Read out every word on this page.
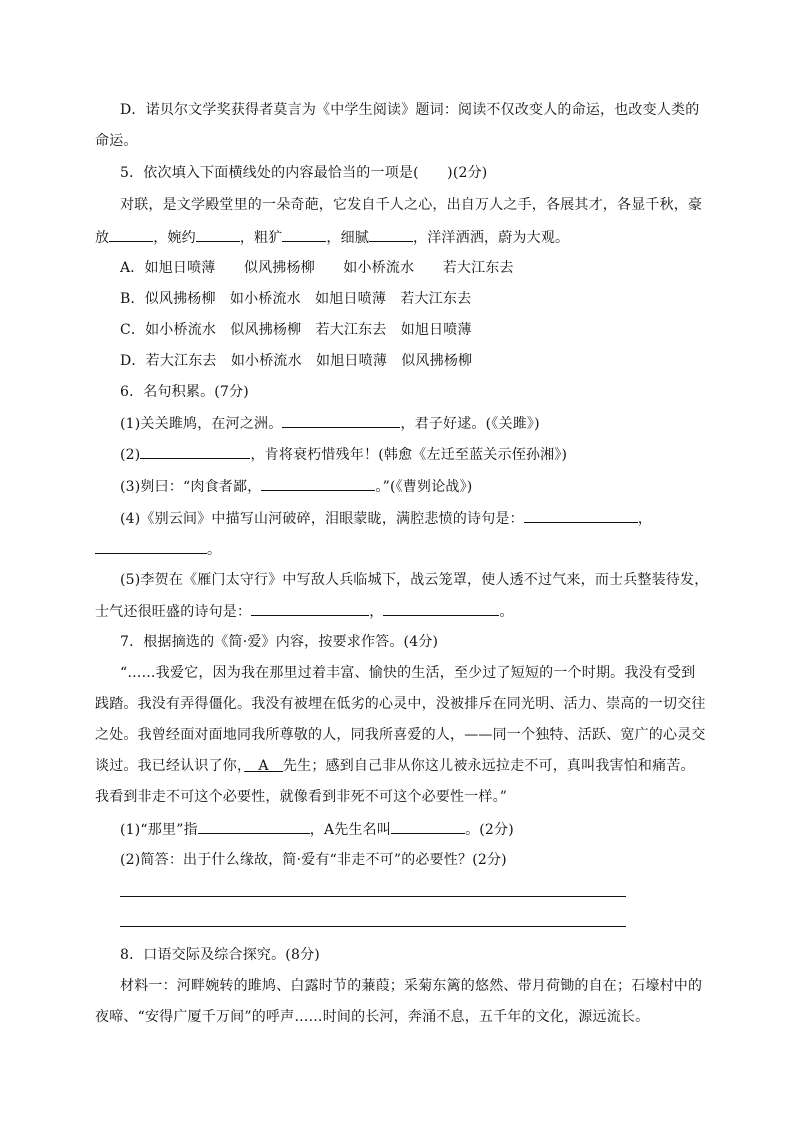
D．诺贝尔文学奖获得者莫言为《中学生阅读》题词：阅读不仅改变人的命运，也改变人类的
命运。
5．依次填入下面横线处的内容最恰当的一项是(　　)(2分)
对联，是文学殿堂里的一朵奇葩，它发自千人之心，出自万人之手，各展其才，各显千秋，豪
放	，婉约	，粗犷	，细腻	，洋洋洒洒，蔚为大观。
A．如旭日喷薄　　似风拂杨柳　　如小桥流水　　若大江东去
B．似风拂杨柳　如小桥流水　如旭日喷薄　若大江东去
C．如小桥流水　似风拂杨柳　若大江东去　如旭日喷薄
D．若大江东去　如小桥流水　如旭日喷薄　似风拂杨柳
6．名句积累。(7分)
(1)关关雎鸠，在河之洲。	，君子好逑。(《关雎》)
(2)	，肯将衰朽惜残年！(韩愈《左迁至蓝关示侄孙湘》)
(3)刿曰：“肉食者鄙，	。”(《曹刿论战》)
(4)《别云间》中描写山河破碎，泪眼蒙眬，满腔悲愤的诗句是：	，
。
(5)李贺在《雁门太守行》中写敌人兵临城下，战云笼罩，使人透不过气来，而士兵整装待发，
士气还很旺盛的诗句是：	，	。
7．根据摘选的《简·爱》内容，按要求作答。(4分)
“……我爱它，因为我在那里过着丰富、愉快的生活，至少过了短短的一个时期。我没有受到
践踏。我没有弄得僵化。我没有被埋在低劣的心灵中，没被排斥在同光明、活力、崇高的一切交往
之处。我曾经面对面地同我所尊敬的人，同我所喜爱的人，——同一个独特、活跃、宽广的心灵交
谈过。我已经认识了你，　A　先生；感到自己非从你这儿被永远拉走不可，真叫我害怕和痛苦。
我看到非走不可这个必要性，就像看到非死不可这个必要性一样。”
(1)“那里”指	，A先生名叫	。(2分)
(2)简答：出于什么缘故，简·爱有“非走不可”的必要性？(2分)
8．口语交际及综合探究。(8分)
材料一：河畔婉转的雎鸠、白露时节的蒹葭；采菊东篱的悠然、带月荷锄的自在；石壕村中的
夜啼、“安得广厦千万间”的呼声……时间的长河，奔涌不息，五千年的文化，源远流长。
